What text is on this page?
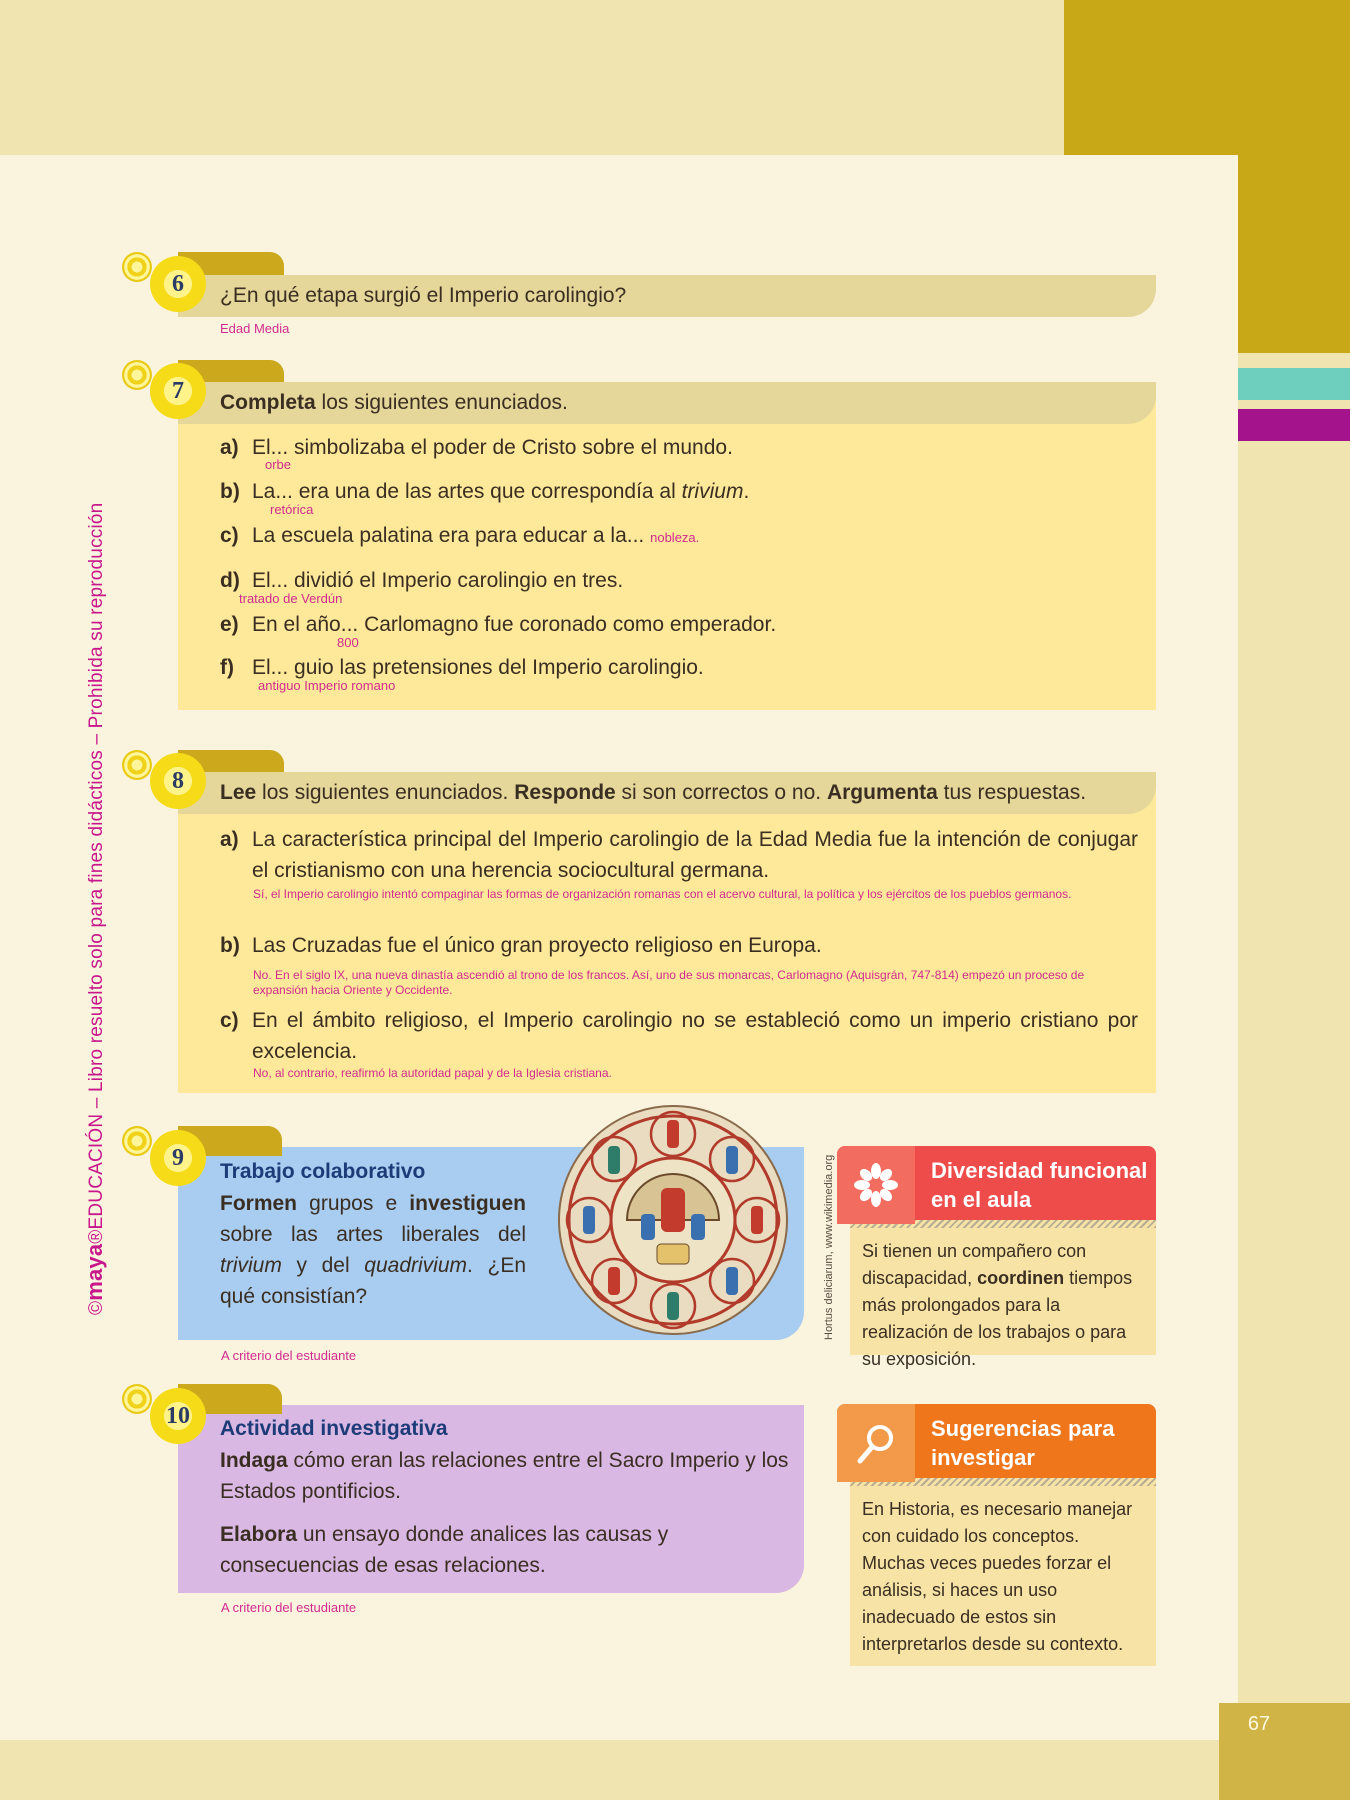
67
©maya®EDUCACIÓN – Libro resuelto solo para fines didácticos – Prohibida su reproducción
¿En qué etapa surgió el Imperio carolingio?
6
Edad Media
Completa los siguientes enunciados.
7
a) El... simbolizaba el poder de Cristo sobre el mundo.
orbe
b) La... era una de las artes que correspondía al trivium.
retórica
c) La escuela palatina era para educar a la... nobleza.
d) El... dividió el Imperio carolingio en tres.
tratado de Verdún
e) En el año... Carlomagno fue coronado como emperador.
800
f) El... guio las pretensiones del Imperio carolingio.
antiguo Imperio romano
Lee los siguientes enunciados. Responde si son correctos o no. Argumenta tus respuestas.
8
a) La característica principal del Imperio carolingio de la Edad Media fue la intención de conjugar el cristianismo con una herencia sociocultural germana.
Sí, el Imperio carolingio intentó compaginar las formas de organización romanas con el acervo cultural, la política y los ejércitos de los pueblos germanos.
b) Las Cruzadas fue el único gran proyecto religioso en Europa.
No. En el siglo IX, una nueva dinastía ascendió al trono de los francos. Así, uno de sus monarcas, Carlomagno (Aquisgrán, 747-814) empezó un proceso de expansión hacia Oriente y Occidente.
c) En el ámbito religioso, el Imperio carolingio no se estableció como un imperio cristiano por excelencia.
No, al contrario, reafirmó la autoridad papal y de la Iglesia cristiana.
9
Trabajo colaborativo
Formen grupos e investiguen sobre las artes liberales del trivium y del quadrivium. ¿En qué consistían?	Hortus deliciarum, www.wikimedia.org
A criterio del estudiante
10	Actividad investigativa
Indaga cómo eran las relaciones entre el Sacro Imperio y los Estados pontificios.
Elabora un ensayo donde analices las causas y consecuencias de esas relaciones.
A criterio del estudiante
Diversidad funcional en el aula
Si tienen un compañero con discapacidad, coordinen tiempos más prolongados para la realización de los trabajos o para su exposición.
Sugerencias para investigar
En Historia, es necesario manejar con cuidado los conceptos. Muchas veces puedes forzar el análisis, si haces un uso inadecuado de estos sin interpretarlos desde su contexto.
